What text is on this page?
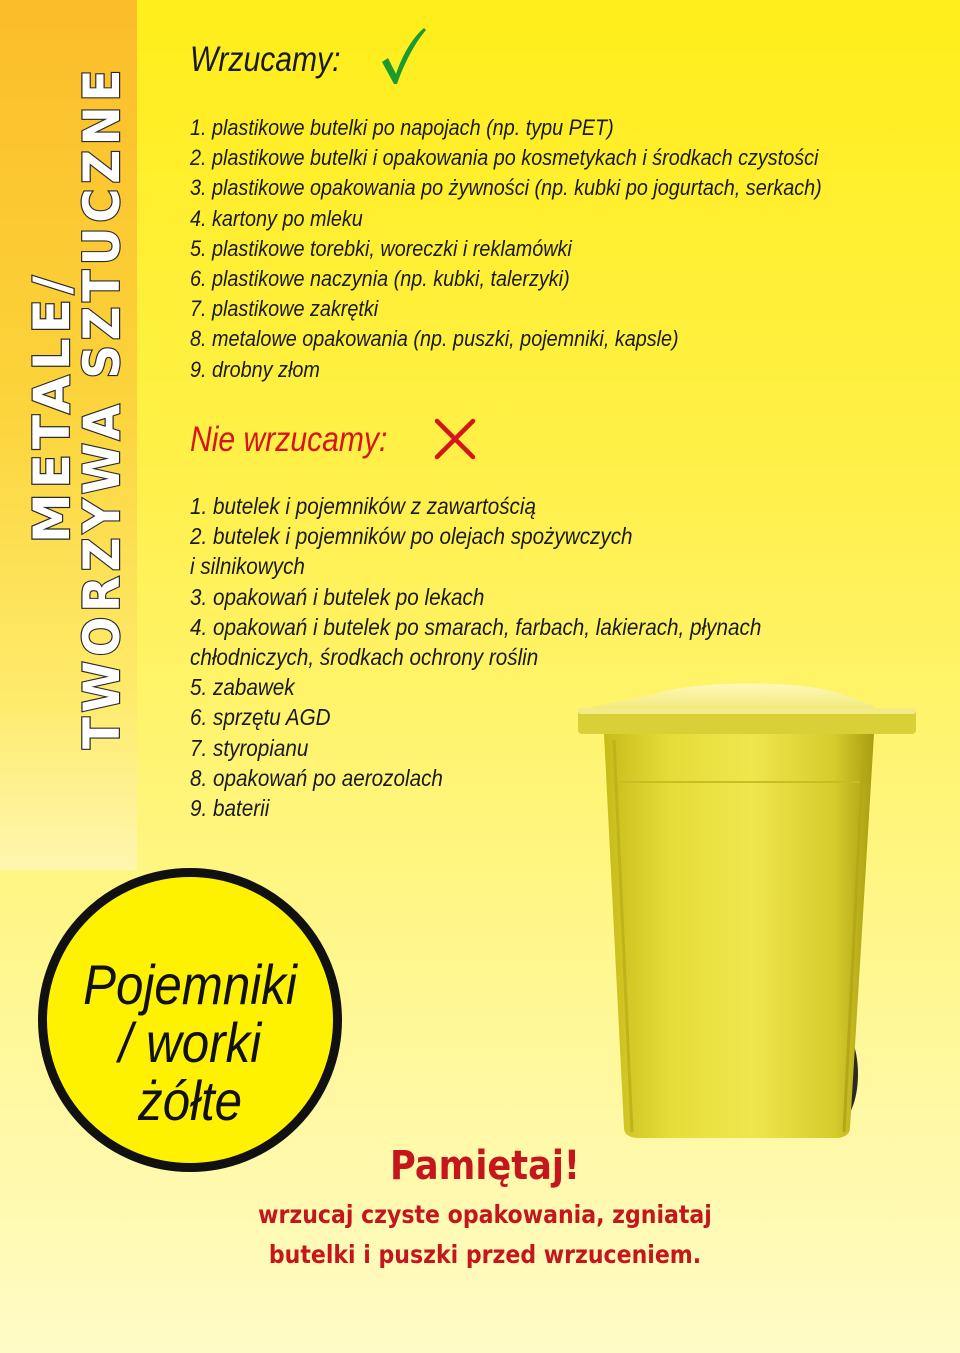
METALE/
TWORZYWA SZTUCZNE Wrzucamy:
1. plastikowe butelki po napojach (np. typu PET)
2. plastikowe butelki i opakowania po kosmetykach i środkach czystości
3. plastikowe opakowania po żywności (np. kubki po jogurtach, serkach)
4. kartony po mleku
5. plastikowe torebki, woreczki i reklamówki
6. plastikowe naczynia (np. kubki, talerzyki)
7. plastikowe zakrętki
8. metalowe opakowania (np. puszki, pojemniki, kapsle)
9. drobny złom
Nie wrzucamy:
1. butelek i pojemników z zawartością
2. butelek i pojemników po olejach spożywczych
i silnikowych
3. opakowań i butelek po lekach
4. opakowań i butelek po smarach, farbach, lakierach, płynach
chłodniczych, środkach ochrony roślin
5. zabawek
6. sprzętu AGD
7. styropianu
8. opakowań po aerozolach
9. baterii
Pojemniki
/ worki
żółte
Pamiętaj!
wrzucaj czyste opakowania, zgniataj
butelki i puszki przed wrzuceniem.
